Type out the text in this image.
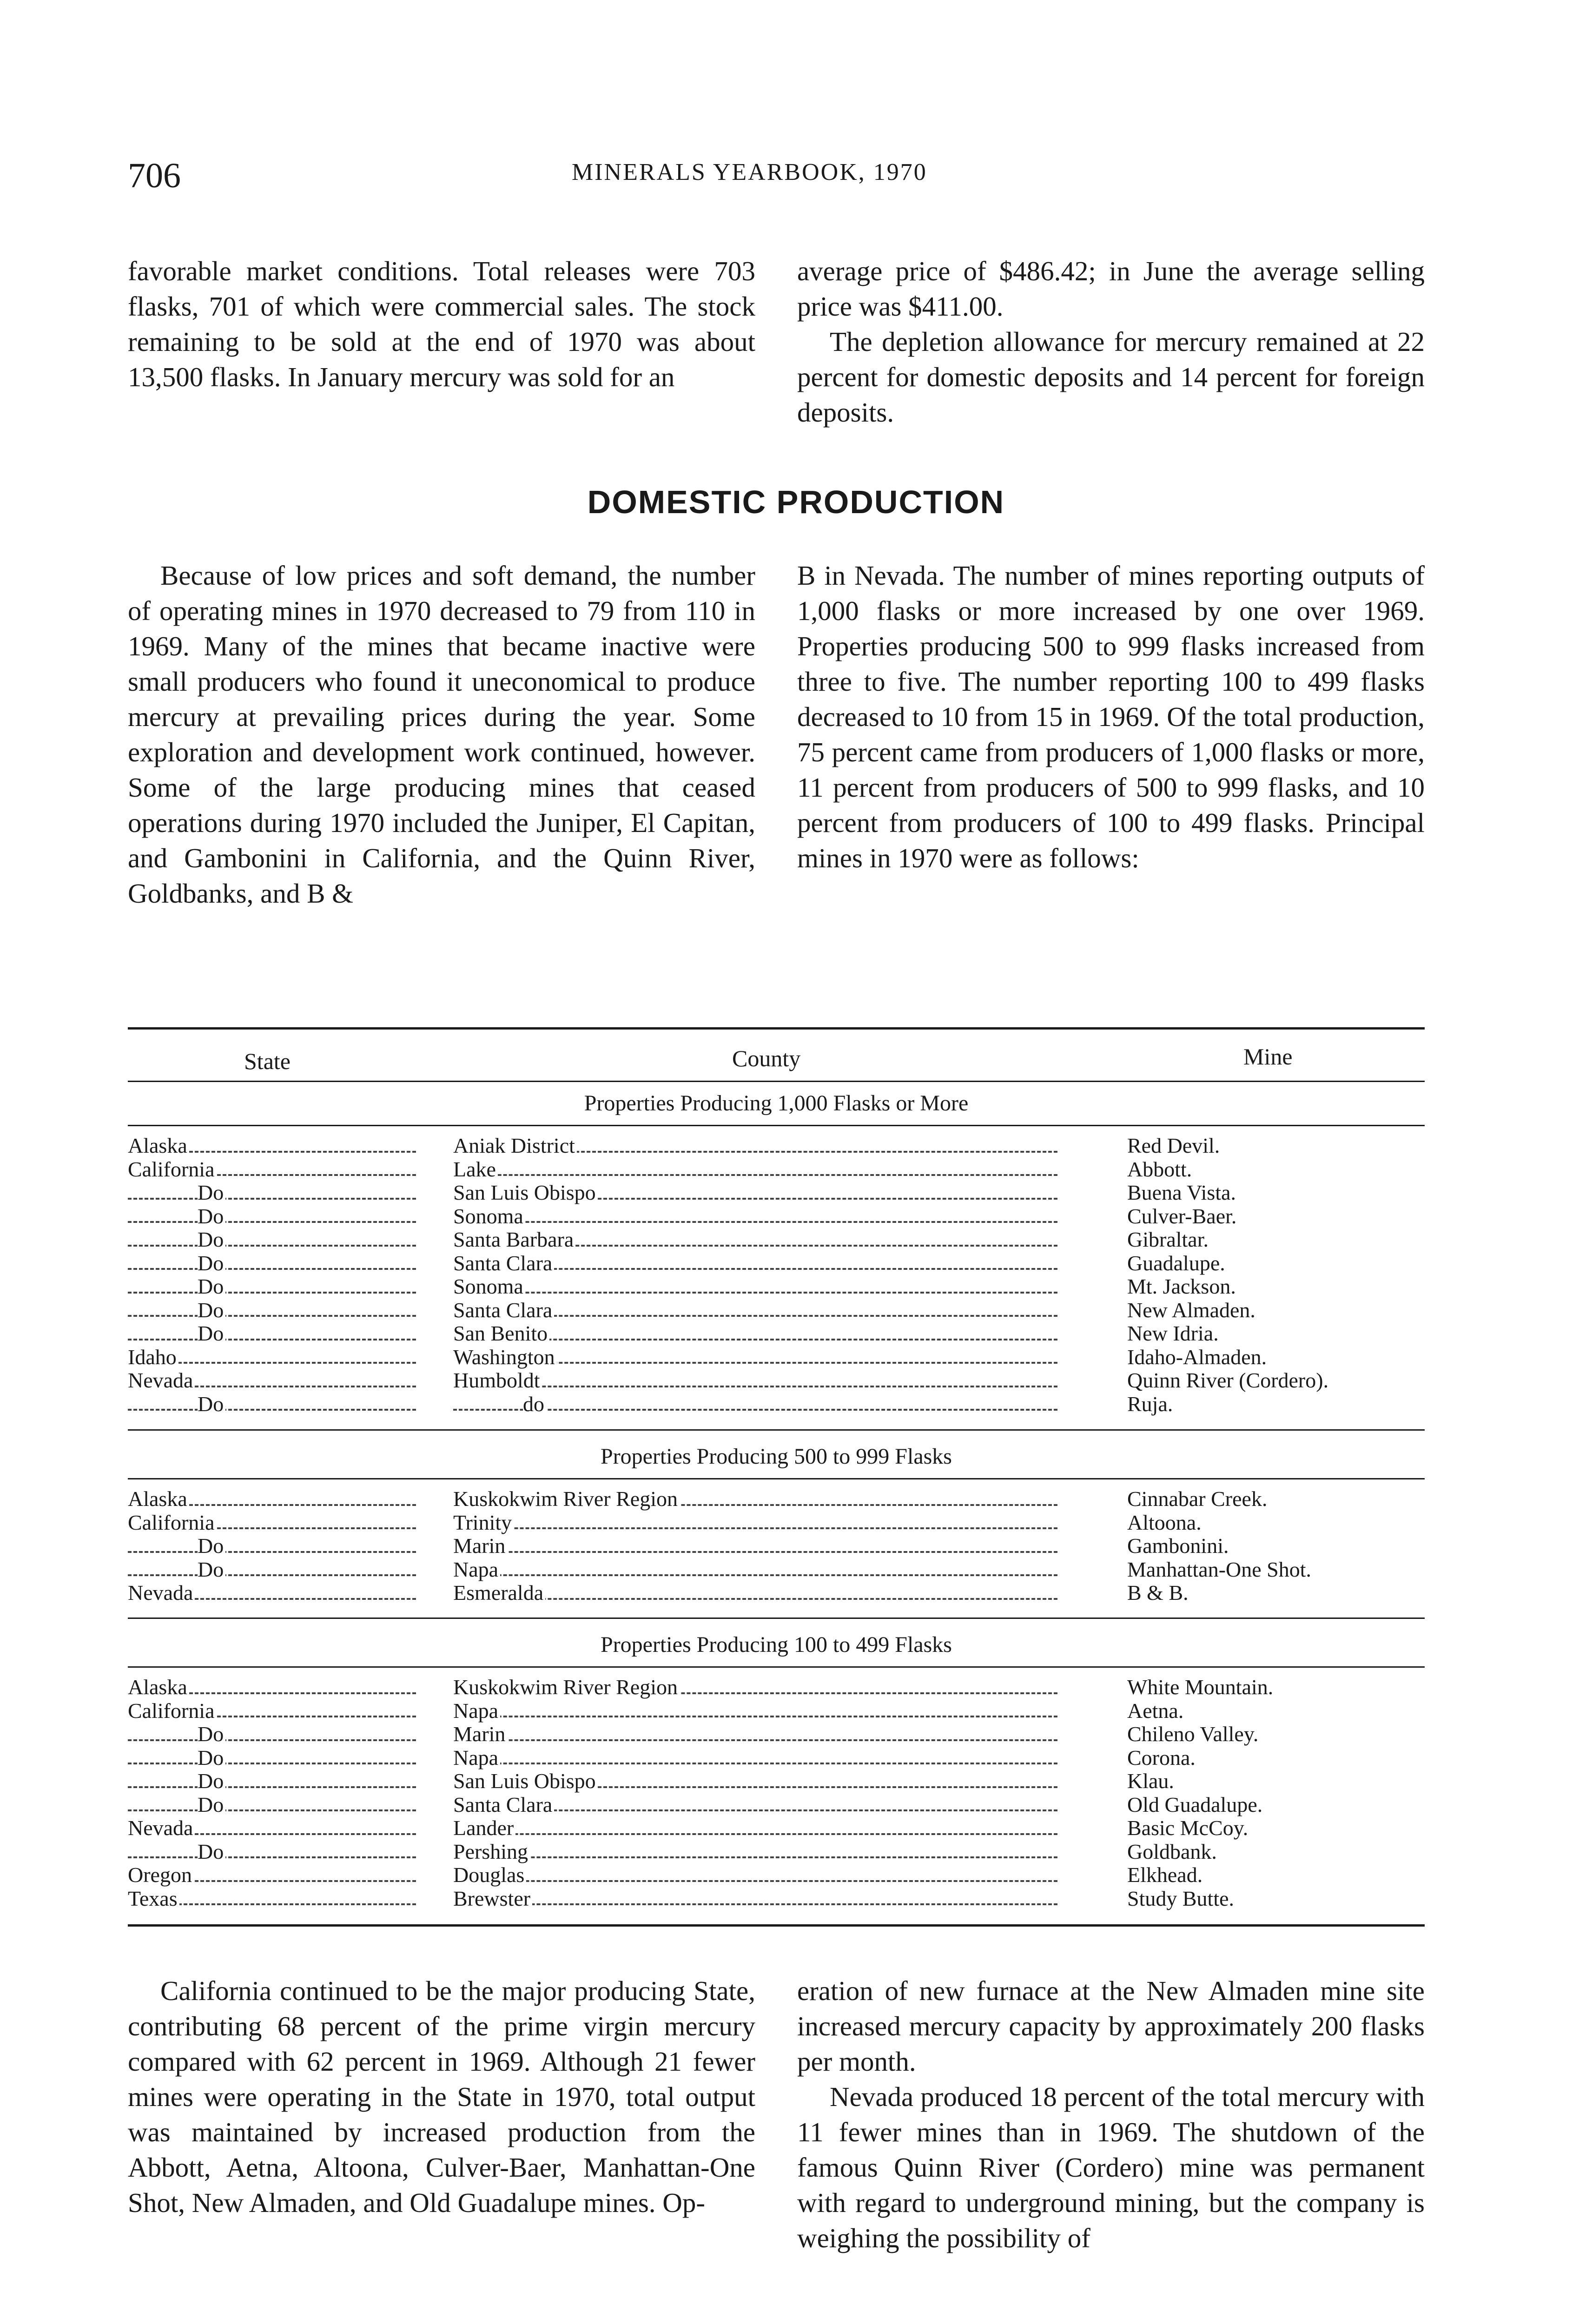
706	MINERALS YEARBOOK, 1970

favorable market conditions. Total releases were 703 flasks, 701 of which were commercial sales. The stock remaining to be sold at the end of 1970 was about 13,500 flasks. In January mercury was sold for an

average price of $486.42; in June the average selling price was $411.00.

The depletion allowance for mercury remained at 22 percent for domestic deposits and 14 percent for foreign deposits.

DOMESTIC PRODUCTION

Because of low prices and soft demand, the number of operating mines in 1970 decreased to 79 from 110 in 1969. Many of the mines that became inactive were small producers who found it uneconomical to produce mercury at prevailing prices during the year. Some exploration and development work continued, however. Some of the large producing mines that ceased operations during 1970 included the Juniper, El Capitan, and Gambonini in California, and the Quinn River, Goldbanks, and B &

B in Nevada. The number of mines reporting outputs of 1,000 flasks or more increased by one over 1969. Properties producing 500 to 999 flasks increased from three to five. The number reporting 100 to 499 flasks decreased to 10 from 15 in 1969. Of the total production, 75 percent came from producers of 1,000 flasks or more, 11 percent from producers of 500 to 999 flasks, and 10 percent from producers of 100 to 499 flasks. Principal mines in 1970 were as follows:

State	County	Mine
Properties Producing 1,000 Flasks or More
Alaska	Aniak District	Red Devil.
California	Lake	Abbott.
Do	San Luis Obispo	Buena Vista.
Do	Sonoma	Culver-Baer.
Do	Santa Barbara	Gibraltar.
Do	Santa Clara	Guadalupe.
Do	Sonoma	Mt. Jackson.
Do	Santa Clara	New Almaden.
Do	San Benito	New Idria.
Idaho	Washington	Idaho-Almaden.
Nevada	Humboldt	Quinn River (Cordero).
Do	do	Ruja.
Properties Producing 500 to 999 Flasks
Alaska	Kuskokwim River Region	Cinnabar Creek.
California	Trinity	Altoona.
Do	Marin	Gambonini.
Do	Napa	Manhattan-One Shot.
Nevada	Esmeralda	B & B.
Properties Producing 100 to 499 Flasks
Alaska	Kuskokwim River Region	White Mountain.
California	Napa	Aetna.
Do	Marin	Chileno Valley.
Do	Napa	Corona.
Do	San Luis Obispo	Klau.
Do	Santa Clara	Old Guadalupe.
Nevada	Lander	Basic McCoy.
Do	Pershing	Goldbank.
Oregon	Douglas	Elkhead.
Texas	Brewster	Study Butte.

California continued to be the major producing State, contributing 68 percent of the prime virgin mercury compared with 62 percent in 1969. Although 21 fewer mines were operating in the State in 1970, total output was maintained by increased production from the Abbott, Aetna, Altoona, Culver-Baer, Manhattan-One Shot, New Almaden, and Old Guadalupe mines. Op-

eration of new furnace at the New Almaden mine site increased mercury capacity by approximately 200 flasks per month.

Nevada produced 18 percent of the total mercury with 11 fewer mines than in 1969. The shutdown of the famous Quinn River (Cordero) mine was permanent with regard to underground mining, but the company is weighing the possibility of
